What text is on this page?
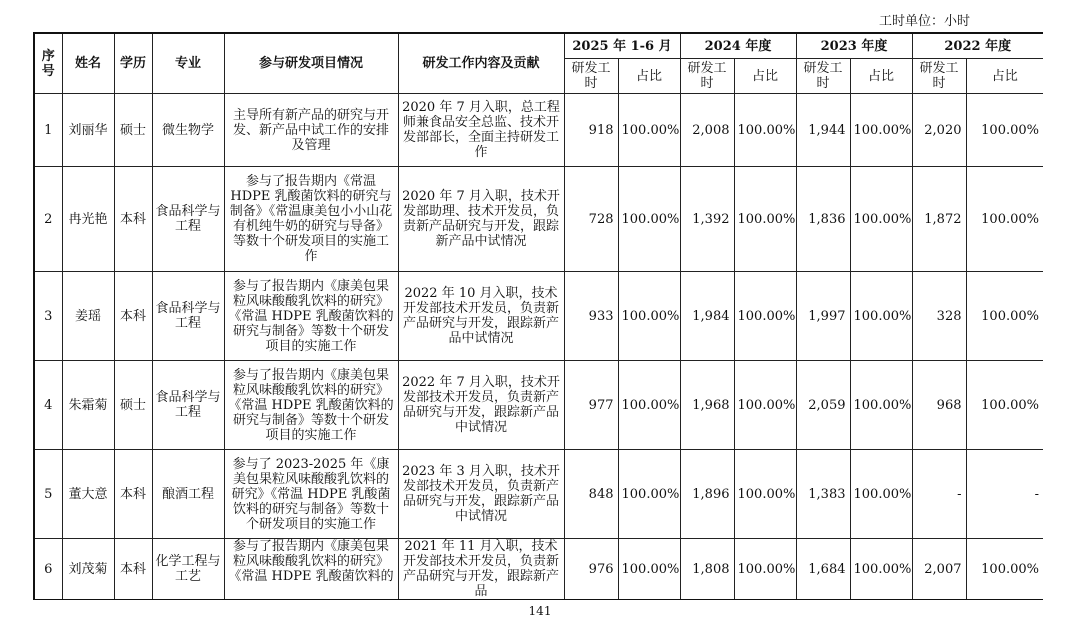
工时单位：小时
序号	姓名	学历	专业	参与研发项目情况	研发工作内容及贡献	2025 年 1-6 月		2024 年度		2023 年度		2022 年度	
						研发工时	占比	研发工时	占比	研发工时	占比	研发工时	占比
1	刘丽华	硕士	微生物学	主导所有新产品的研究与开发、新产品中试工作的安排及管理	2020 年 7 月入职，总工程师兼食品安全总监、技术开发部部长，全面主持研发工作	918	100.00%	2,008	100.00%	1,944	100.00%	2,020	100.00%
2	冉光艳	本科	食品科学与工程	参与了报告期内《常温 HDPE 乳酸菌饮料的研究与制备》《常温康美包小小山花有机纯牛奶的研究与导备》等数十个研发项目的实施工作	2020 年 7 月入职，技术开发部助理、技术开发员，负责新产品研究与开发，跟踪新产品中试情况	728	100.00%	1,392	100.00%	1,836	100.00%	1,872	100.00%
3	姜瑶	本科	食品科学与工程	参与了报告期内《康美包果粒风味酸酸乳饮料的研究》《常温 HDPE 乳酸菌饮料的研究与制备》等数十个研发项目的实施工作	2022 年 10 月入职，技术开发部技术开发员，负责新产品研究与开发，跟踪新产品中试情况	933	100.00%	1,984	100.00%	1,997	100.00%	328	100.00%
4	朱霜菊	硕士	食品科学与工程	参与了报告期内《康美包果粒风味酸酸乳饮料的研究》《常温 HDPE 乳酸菌饮料的研究与制备》等数十个研发项目的实施工作	2022 年 7 月入职，技术开发部技术开发员，负责新产品研究与开发，跟踪新产品中试情况	977	100.00%	1,968	100.00%	2,059	100.00%	968	100.00%
5	董大意	本科	酿酒工程	参与了 2023-2025 年《康美包果粒风味酸酸乳饮料的研究》《常温 HDPE 乳酸菌饮料的研究与制备》等数十个研发项目的实施工作	2023 年 3 月入职，技术开发部技术开发员，负责新产品研究与开发，跟踪新产品中试情况	848	100.00%	1,896	100.00%	1,383	100.00%	-	-
6	刘茂菊	本科	化学工程与工艺	参与了报告期内《康美包果粒风味酸酸乳饮料的研究》《常温 HDPE 乳酸菌饮料的	2021 年 11 月入职，技术开发部技术开发员，负责新产品研究与开发，跟踪新产品	976	100.00%	1,808	100.00%	1,684	100.00%	2,007	100.00%
141
